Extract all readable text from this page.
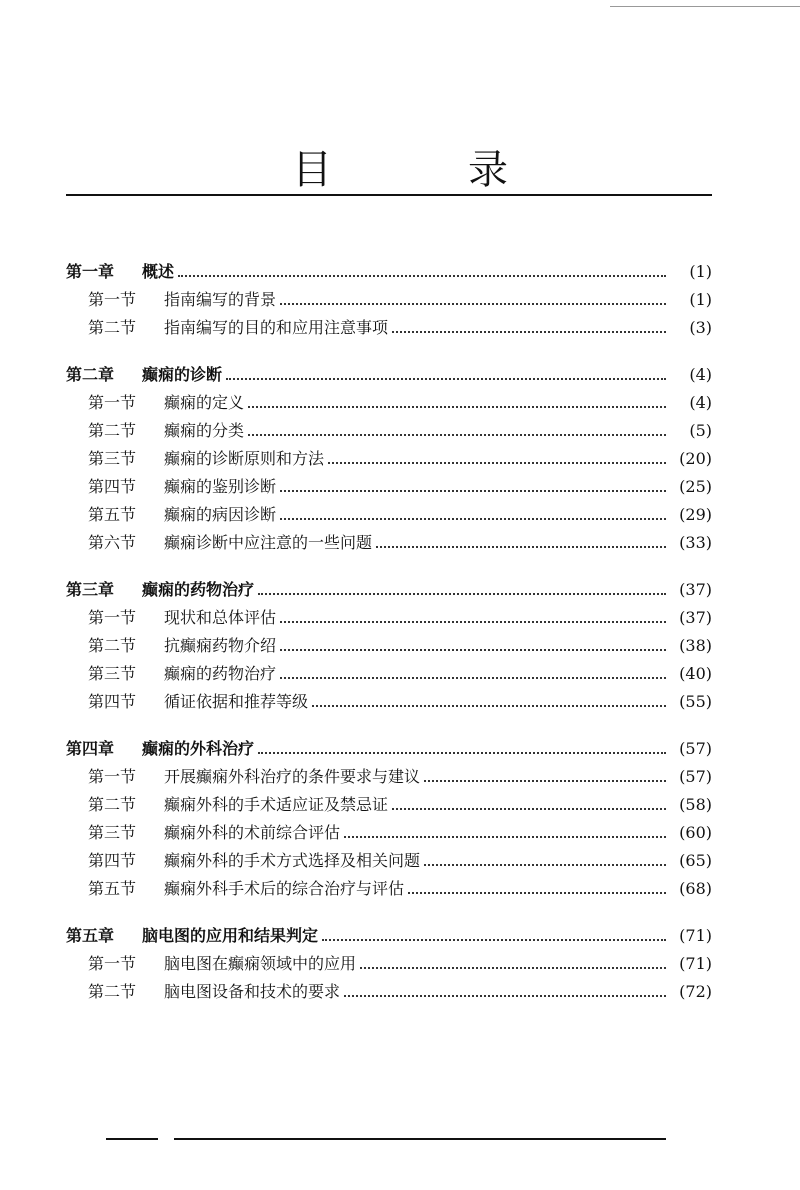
目　录
第一章	概述	(1)
第一节	指南编写的背景	(1)
第二节	指南编写的目的和应用注意事项	(3)
第二章	癫痫的诊断	(4)
第一节	癫痫的定义	(4)
第二节	癫痫的分类	(5)
第三节	癫痫的诊断原则和方法	(20)
第四节	癫痫的鉴别诊断	(25)
第五节	癫痫的病因诊断	(29)
第六节	癫痫诊断中应注意的一些问题	(33)
第三章	癫痫的药物治疗	(37)
第一节	现状和总体评估	(37)
第二节	抗癫痫药物介绍	(38)
第三节	癫痫的药物治疗	(40)
第四节	循证依据和推荐等级	(55)
第四章	癫痫的外科治疗	(57)
第一节	开展癫痫外科治疗的条件要求与建议	(57)
第二节	癫痫外科的手术适应证及禁忌证	(58)
第三节	癫痫外科的术前综合评估	(60)
第四节	癫痫外科的手术方式选择及相关问题	(65)
第五节	癫痫外科手术后的综合治疗与评估	(68)
第五章	脑电图的应用和结果判定	(71)
第一节	脑电图在癫痫领域中的应用	(71)
第二节	脑电图设备和技术的要求	(72)
